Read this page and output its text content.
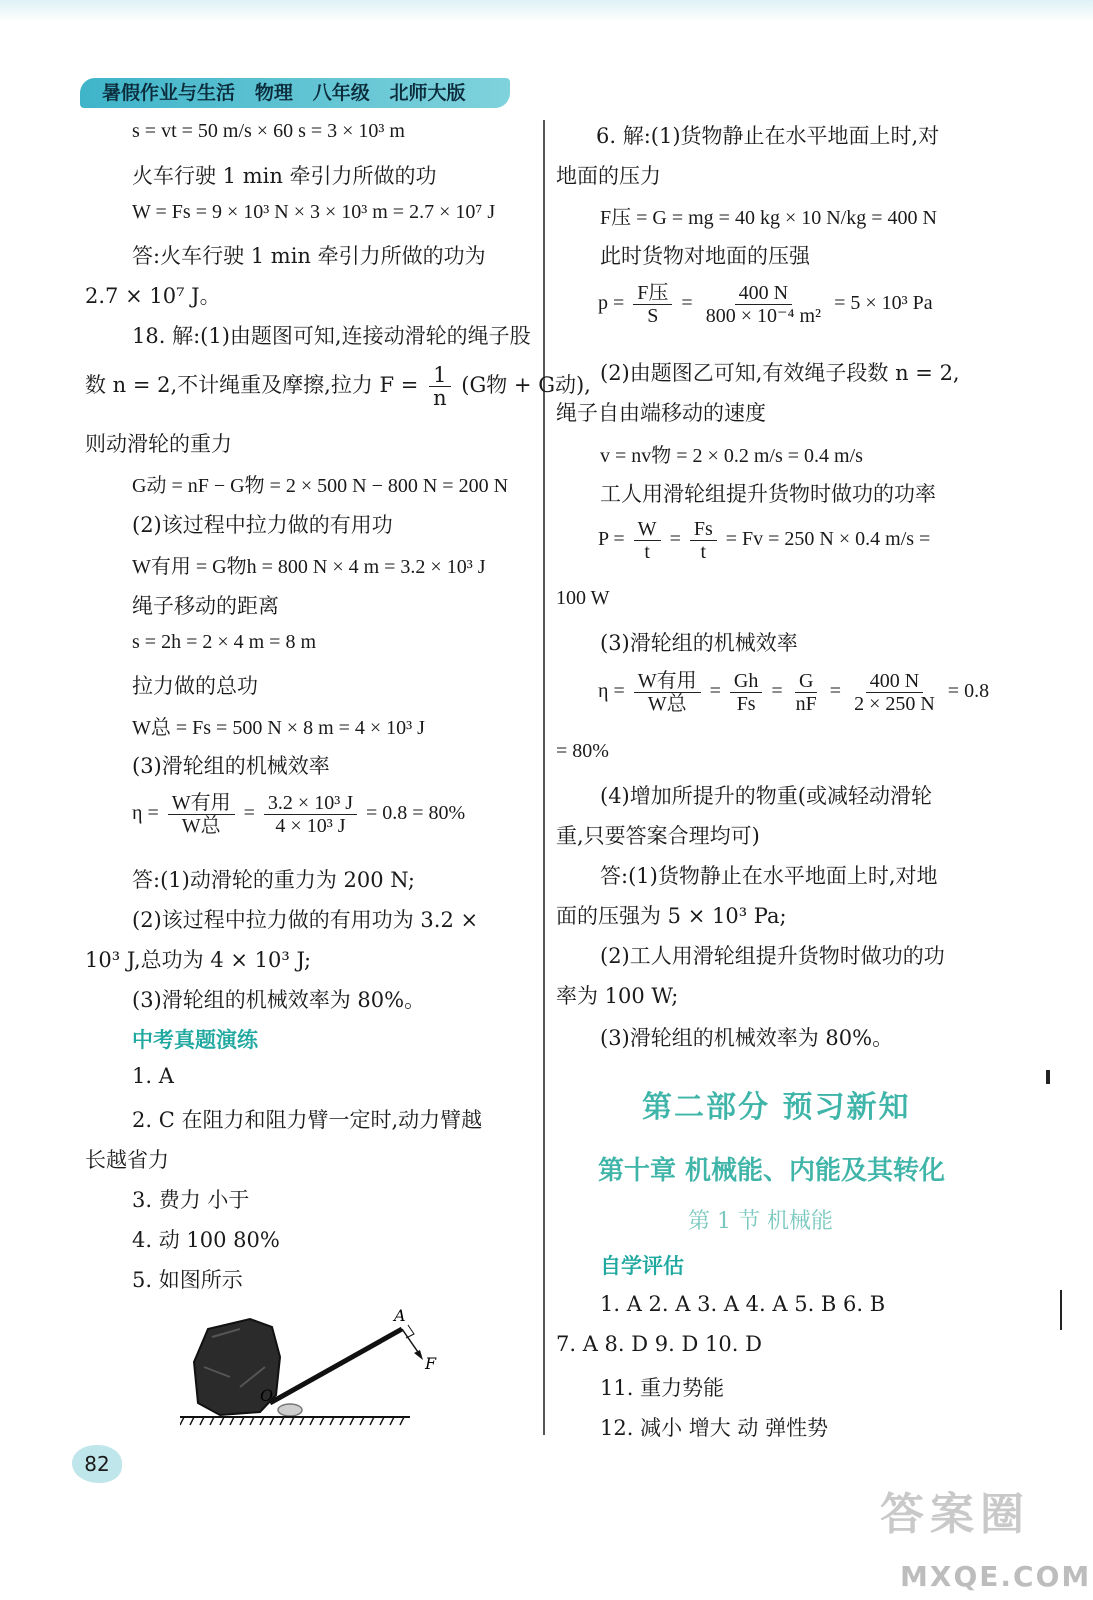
暑假作业与生活   物理   八年级   北师大版
s = vt = 50 m/s × 60 s = 3 × 10³ m
火车行驶 1 min 牵引力所做的功
W = Fs = 9 × 10³ N × 3 × 10³ m = 2.7 × 10⁷ J
答:火车行驶 1 min 牵引力所做的功为
2.7 × 10⁷ J。
18. 解:(1)由题图可知,连接动滑轮的绳子股
数 n = 2,不计绳重及摩擦,拉力 $F = \frac{1}{n} (G$物 + G动),
则动滑轮的重力
G动 = nF − G物 = 2 × 500 N − 800 N = 200 N
(2)该过程中拉力做的有用功
W有用 = G物h = 800 N × 4 m = 3.2 × 10³ J
绳子移动的距离
s = 2h = 2 × 4 m = 8 m
拉力做的总功
W总 = Fs = 500 N × 8 m = 4 × 10³ J
(3)滑轮组的机械效率
$\eta = \frac{\text{W有用}}{\text{W总}} = \frac{\text{3.2 × 10³ J}}{\text{4 × 10³ J}} = 0.8 = 80\%$
答:(1)动滑轮的重力为 200 N;
(2)该过程中拉力做的有用功为 3.2 ×
10³ J,总功为 4 × 10³ J;
(3)滑轮组的机械效率为 80%。
中考真题演练
1. A
2. C 在阻力和阻力臂一定时,动力臂越
长越省力
3. 费力 小于
4. 动 100 80%
5. 如图所示
A
O
F
6. 解:(1)货物静止在水平地面上时,对
地面的压力
F压 = G = mg = 40 kg × 10 N/kg = 400 N
此时货物对地面的压强
$p = \frac{\text{F压}}{S} = \frac{400 N}{\text{800 × 10⁻⁴ m²}} = 5 \times 10^3$ Pa
(2)由题图乙可知,有效绳子段数 n = 2,
绳子自由端移动的速度
v = nv物 = 2 × 0.2 m/s = 0.4 m/s
工人用滑轮组提升货物时做功的功率
$P = \frac{W}{t} = \frac{Fs}{t} = Fv = 250$ N × 0.4 m/s =
100 W
(3)滑轮组的机械效率
$\eta = \frac{\text{W有用}}{\text{W总}} = \frac{Gh}{Fs} = \frac{G}{nF} = \frac{400 N}{2 \times 250 N} = 0.8$
= 80%
(4)增加所提升的物重(或减轻动滑轮
重,只要答案合理均可)
答:(1)货物静止在水平地面上时,对地
面的压强为 5 × 10³ Pa;
(2)工人用滑轮组提升货物时做功的功
率为 100 W;
(3)滑轮组的机械效率为 80%。
第二部分 预习新知
第十章 机械能、内能及其转化
第 1 节 机械能
自学评估
1. A 2. A 3. A 4. A 5. B 6. B
7. A 8. D 9. D 10. D
11. 重力势能
12. 减小 增大 动 弹性势
82
答案圈
MXQE.COM
